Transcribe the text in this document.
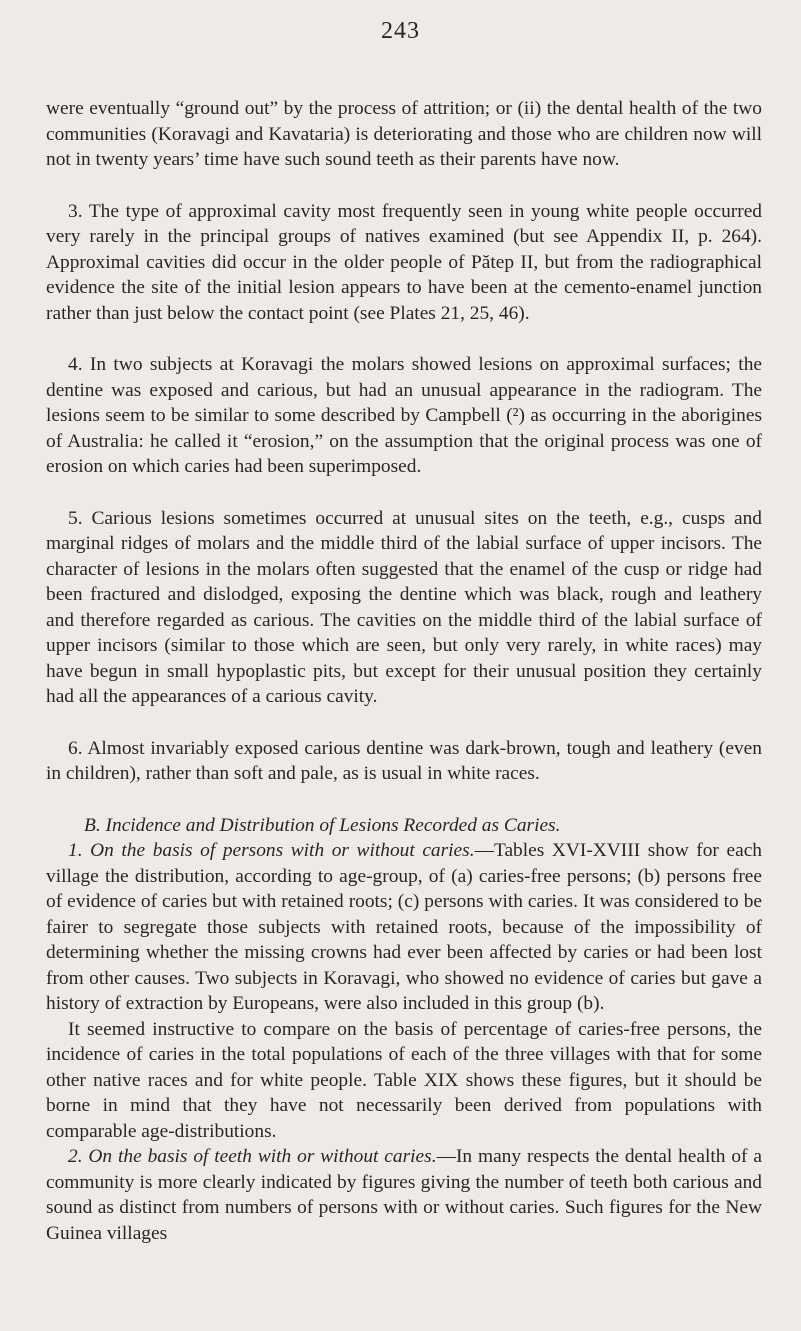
243

were eventually “ground out” by the process of attrition; or (ii) the dental health of the two communities (Koravagi and Kavataria) is deteriorating and those who are children now will not in twenty years’ time have such sound teeth as their parents have now.

3. The type of approximal cavity most frequently seen in young white people occurred very rarely in the principal groups of natives examined (but see Appendix II, p. 264). Approximal cavities did occur in the older people of Pătep II, but from the radiographical evidence the site of the initial lesion appears to have been at the cemento-enamel junction rather than just below the contact point (see Plates 21, 25, 46).

4. In two subjects at Koravagi the molars showed lesions on approximal surfaces; the dentine was exposed and carious, but had an unusual appearance in the radiogram. The lesions seem to be similar to some described by Campbell (²) as occurring in the aborigines of Australia: he called it “erosion,” on the assumption that the original process was one of erosion on which caries had been superimposed.

5. Carious lesions sometimes occurred at unusual sites on the teeth, e.g., cusps and marginal ridges of molars and the middle third of the labial surface of upper incisors. The character of lesions in the molars often suggested that the enamel of the cusp or ridge had been fractured and dislodged, exposing the dentine which was black, rough and leathery and therefore regarded as carious. The cavities on the middle third of the labial surface of upper incisors (similar to those which are seen, but only very rarely, in white races) may have begun in small hypoplastic pits, but except for their unusual position they certainly had all the appearances of a carious cavity.

6. Almost invariably exposed carious dentine was dark-brown, tough and leathery (even in children), rather than soft and pale, as is usual in white races.

B. Incidence and Distribution of Lesions Recorded as Caries.

1. On the basis of persons with or without caries.—Tables XVI-XVIII show for each village the distribution, according to age-group, of (a) caries-free persons; (b) persons free of evidence of caries but with retained roots; (c) persons with caries. It was considered to be fairer to segregate those subjects with retained roots, because of the impossibility of determining whether the missing crowns had ever been affected by caries or had been lost from other causes. Two subjects in Koravagi, who showed no evidence of caries but gave a history of extraction by Europeans, were also included in this group (b).

It seemed instructive to compare on the basis of percentage of caries-free persons, the incidence of caries in the total populations of each of the three villages with that for some other native races and for white people. Table XIX shows these figures, but it should be borne in mind that they have not necessarily been derived from populations with comparable age-distributions.

2. On the basis of teeth with or without caries.—In many respects the dental health of a community is more clearly indicated by figures giving the number of teeth both carious and sound as distinct from numbers of persons with or without caries. Such figures for the New Guinea villages
